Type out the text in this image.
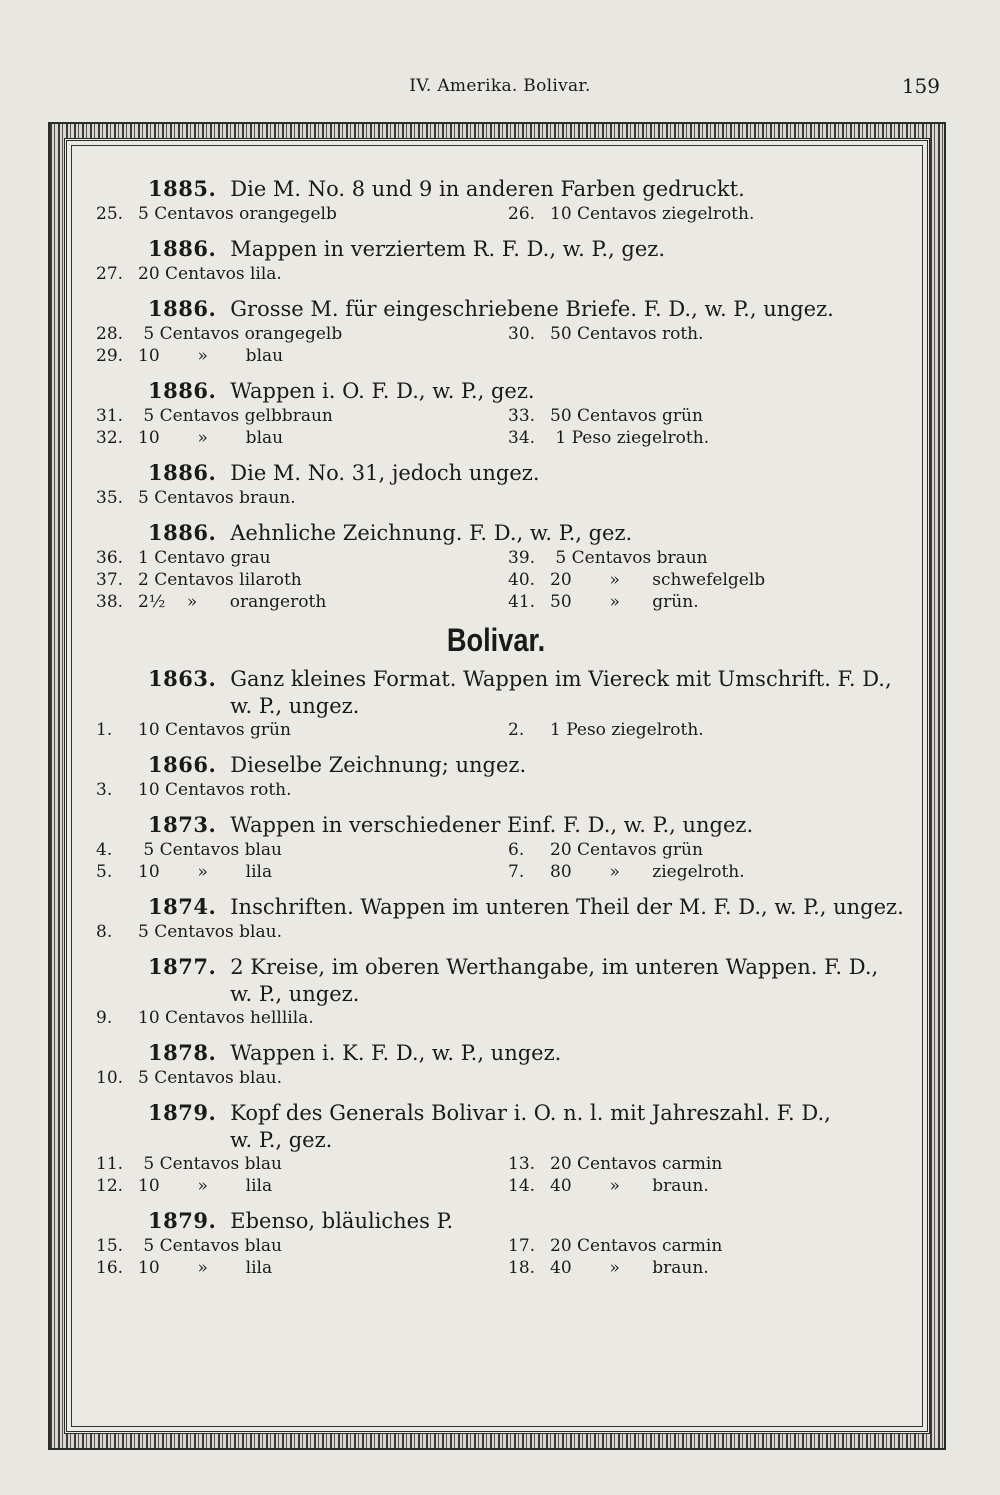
IV. Amerika. Bolivar.	159
1885. Die M. No. 8 und 9 in anderen Farben gedruckt.
25. 5 Centavos orangegelb	26. 10 Centavos ziegelroth.
1886. Mappen in verziertem R. F. D., w. P., gez.
27. 20 Centavos lila.
1886. Grosse M. für eingeschriebene Briefe. F. D., w. P., ungez.
28. 5 Centavos orangegelb	30. 50 Centavos roth.
29. 10       »       blau
1886. Wappen i. O. F. D., w. P., gez.
31. 5 Centavos gelbbraun	33. 50 Centavos grün
32. 10       »       blau	34. 1 Peso ziegelroth.
1886. Die M. No. 31, jedoch ungez.
35. 5 Centavos braun.
1886. Aehnliche Zeichnung. F. D., w. P., gez.
36. 1 Centavo grau	39. 5 Centavos braun
37. 2 Centavos lilaroth	40. 20       »      schwefelgelb
38. 2½    »      orangeroth	41. 50       »      grün.
Bolivar.
1863. Ganz kleines Format. Wappen im Viereck mit Umschrift. F. D.,
w. P., ungez.
1.	10 Centavos grün	2.	1 Peso ziegelroth.
1866. Dieselbe Zeichnung; ungez.
3.	10 Centavos roth.
1873. Wappen in verschiedener Einf. F. D., w. P., ungez.
4.	5 Centavos blau	6.	20 Centavos grün
5.	10       »       lila	7.	80       »      ziegelroth.
1874. Inschriften. Wappen im unteren Theil der M. F. D., w. P., ungez.
8.	5 Centavos blau.
1877. 2 Kreise, im oberen Werthangabe, im unteren Wappen. F. D.,
w. P., ungez.
9.	10 Centavos helllila.
1878. Wappen i. K. F. D., w. P., ungez.
10. 5 Centavos blau.
1879. Kopf des Generals Bolivar i. O. n. l. mit Jahreszahl. F. D.,
w. P., gez.
11. 5 Centavos blau	13. 20 Centavos carmin
12. 10       »       lila	14. 40       »      braun.
1879. Ebenso, bläuliches P.
15. 5 Centavos blau	17. 20 Centavos carmin
16. 10       »       lila	18. 40       »      braun.
